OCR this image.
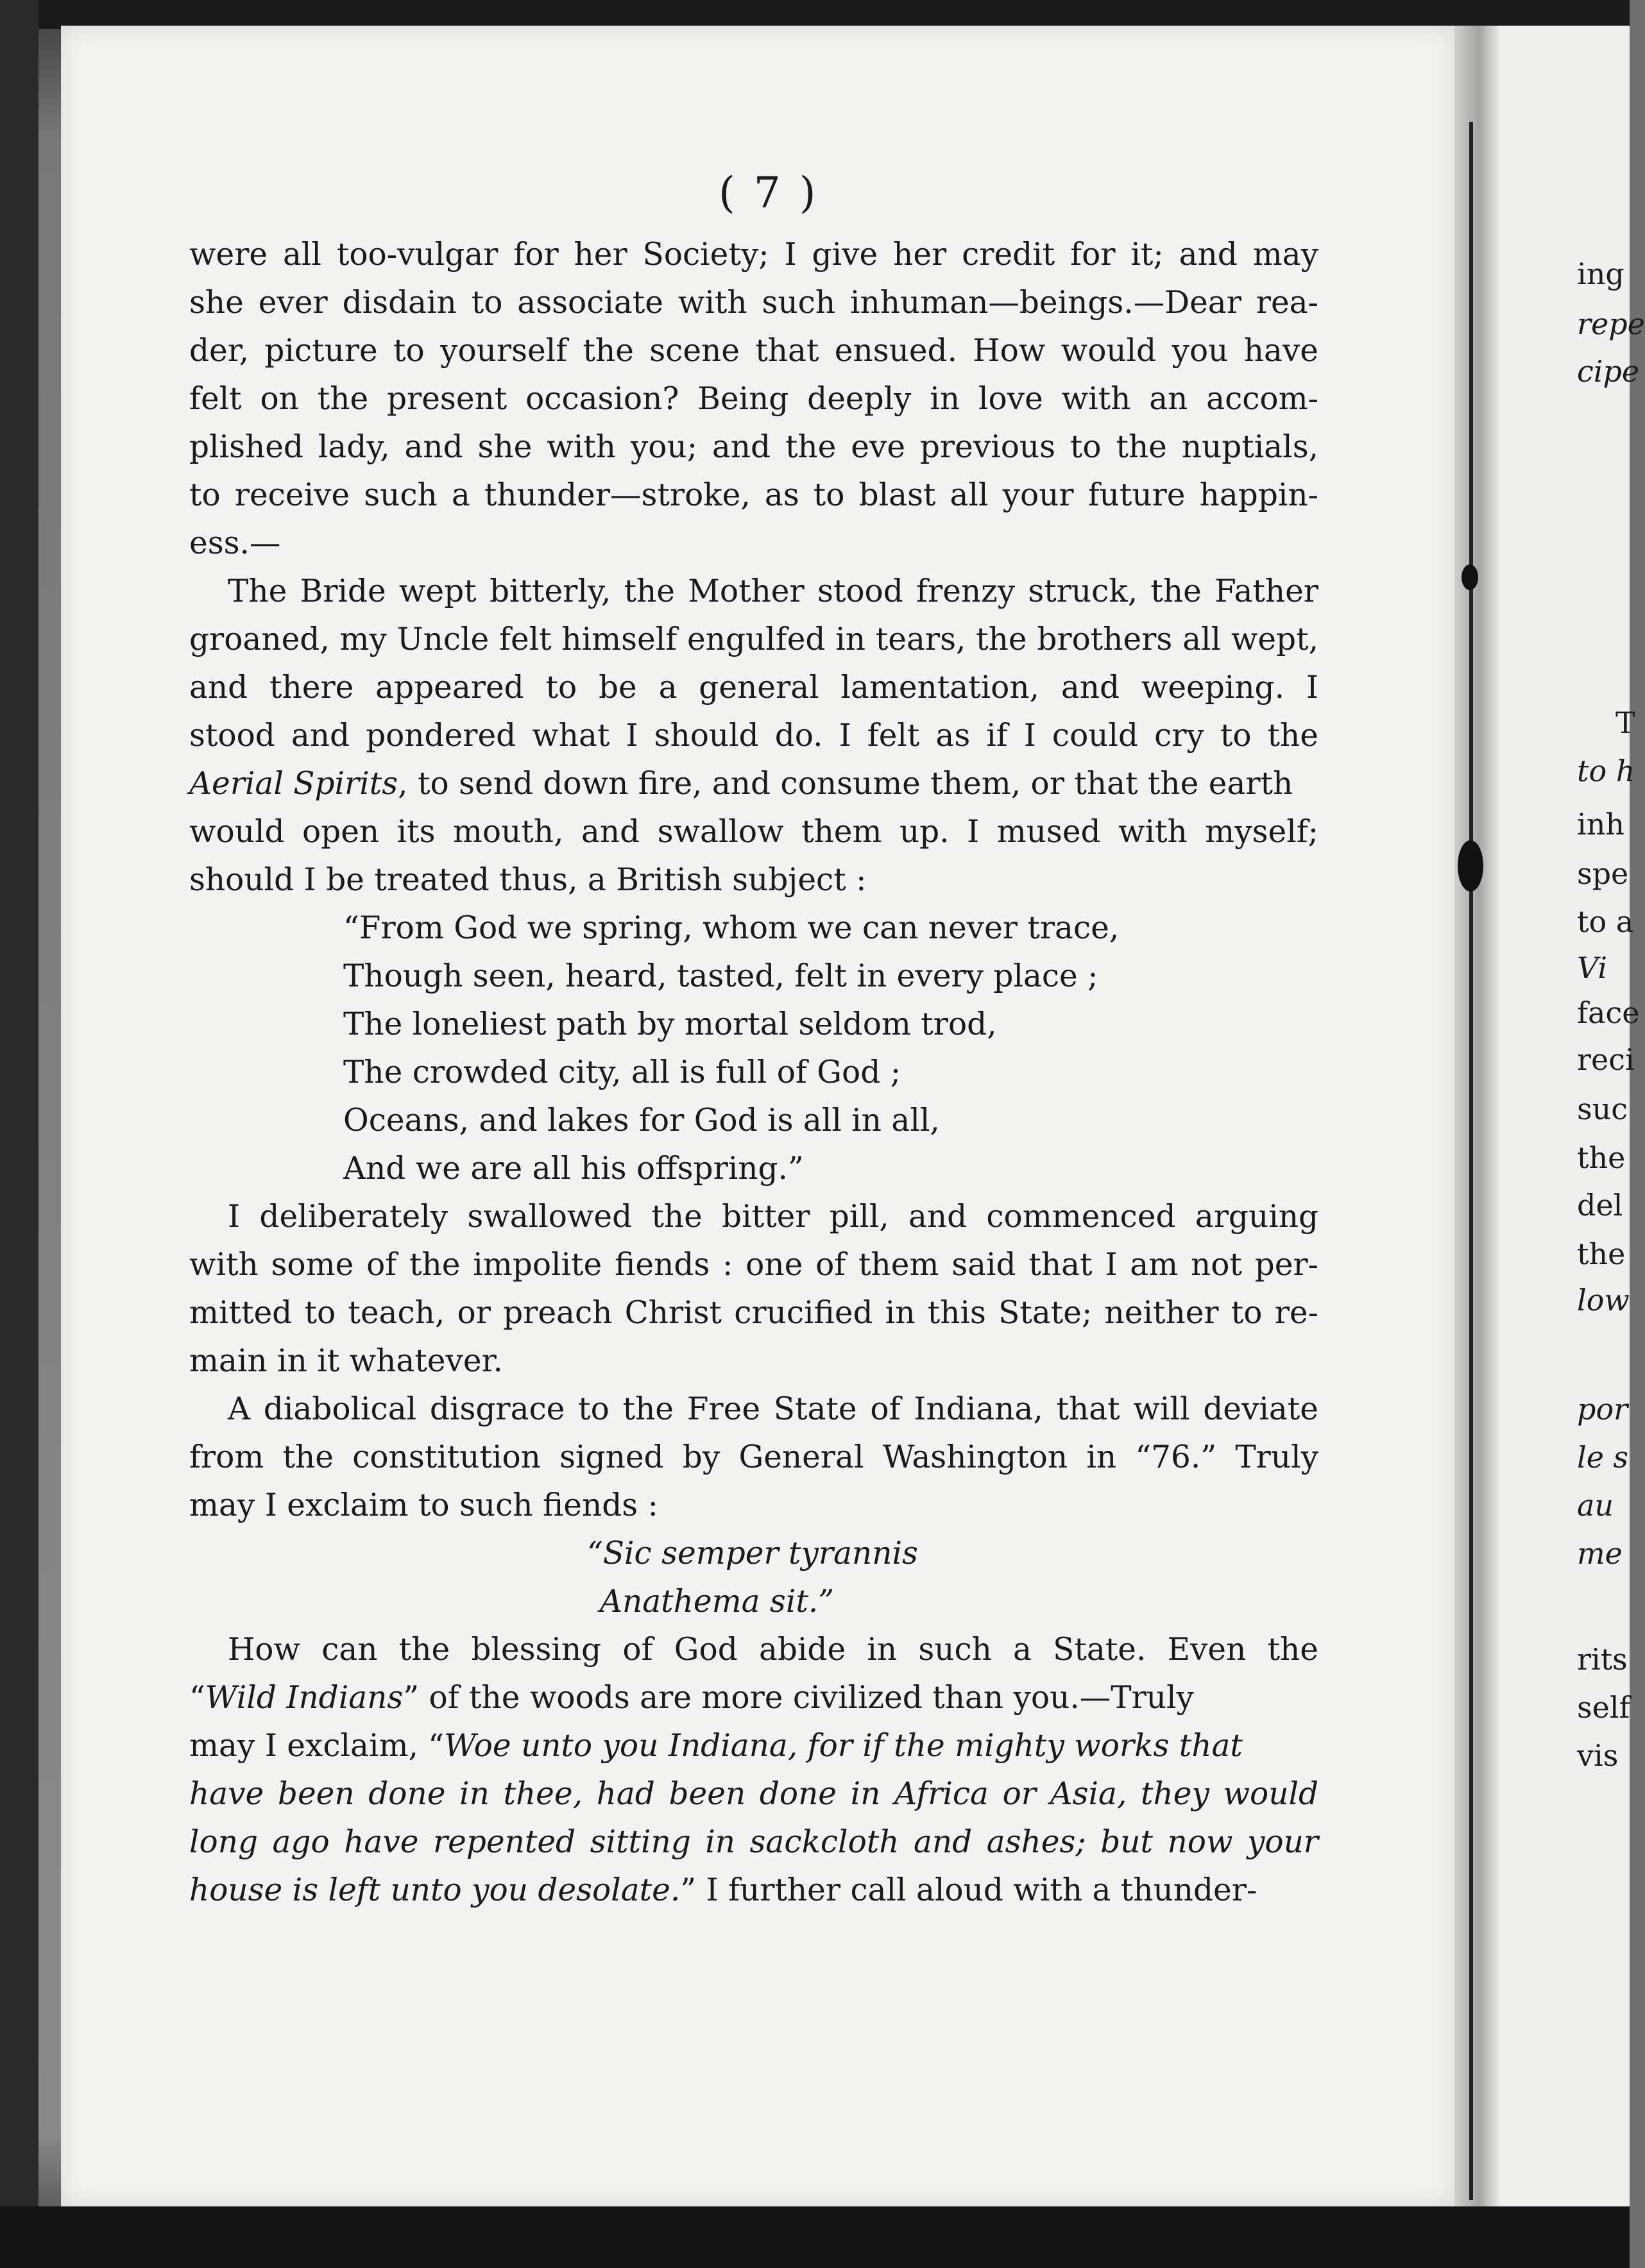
( 7 )
were all too-vulgar for her Society; I give her credit for it; and may
she ever disdain to associate with such inhuman—beings.—Dear rea-
der, picture to yourself the scene that ensued. How would you have
felt on the present occasion? Being deeply in love with an accom-
plished lady, and she with you; and the eve previous to the nuptials,
to receive such a thunder—stroke, as to blast all your future happin-
ess.—
The Bride wept bitterly, the Mother stood frenzy struck, the Father
groaned, my Uncle felt himself engulfed in tears, the brothers all wept,
and there appeared to be a general lamentation, and weeping. I
stood and pondered what I should do. I felt as if I could cry to the
Aerial Spirits, to send down fire, and consume them, or that the earth
would open its mouth, and swallow them up. I mused with myself;
should I be treated thus, a British subject :
“From God we spring, whom we can never trace,
Though seen, heard, tasted, felt in every place ;
The loneliest path by mortal seldom trod,
The crowded city, all is full of God ;
Oceans, and lakes for God is all in all,
And we are all his offspring.”
I deliberately swallowed the bitter pill, and commenced arguing
with some of the impolite fiends : one of them said that I am not per-
mitted to teach, or preach Christ crucified in this State; neither to re-
main in it whatever.
A diabolical disgrace to the Free State of Indiana, that will deviate
from the constitution signed by General Washington in “76.” Truly
may I exclaim to such fiends :
“Sic semper tyrannis
Anathema sit.”
How can the blessing of God abide in such a State. Even the
“Wild Indians” of the woods are more civilized than you.—Truly
may I exclaim, “Woe unto you Indiana, for if the mighty works that
have been done in thee, had been done in Africa or Asia, they would
long ago have repented sitting in sackcloth and ashes; but now your
house is left unto you desolate.” I further call aloud with a thunder-
ing
repe
cipe
T
to h
inh
spe
to a
Vi
face
reci
suc
the
del
the
low
por
le s
au
me
rits
self
vis
